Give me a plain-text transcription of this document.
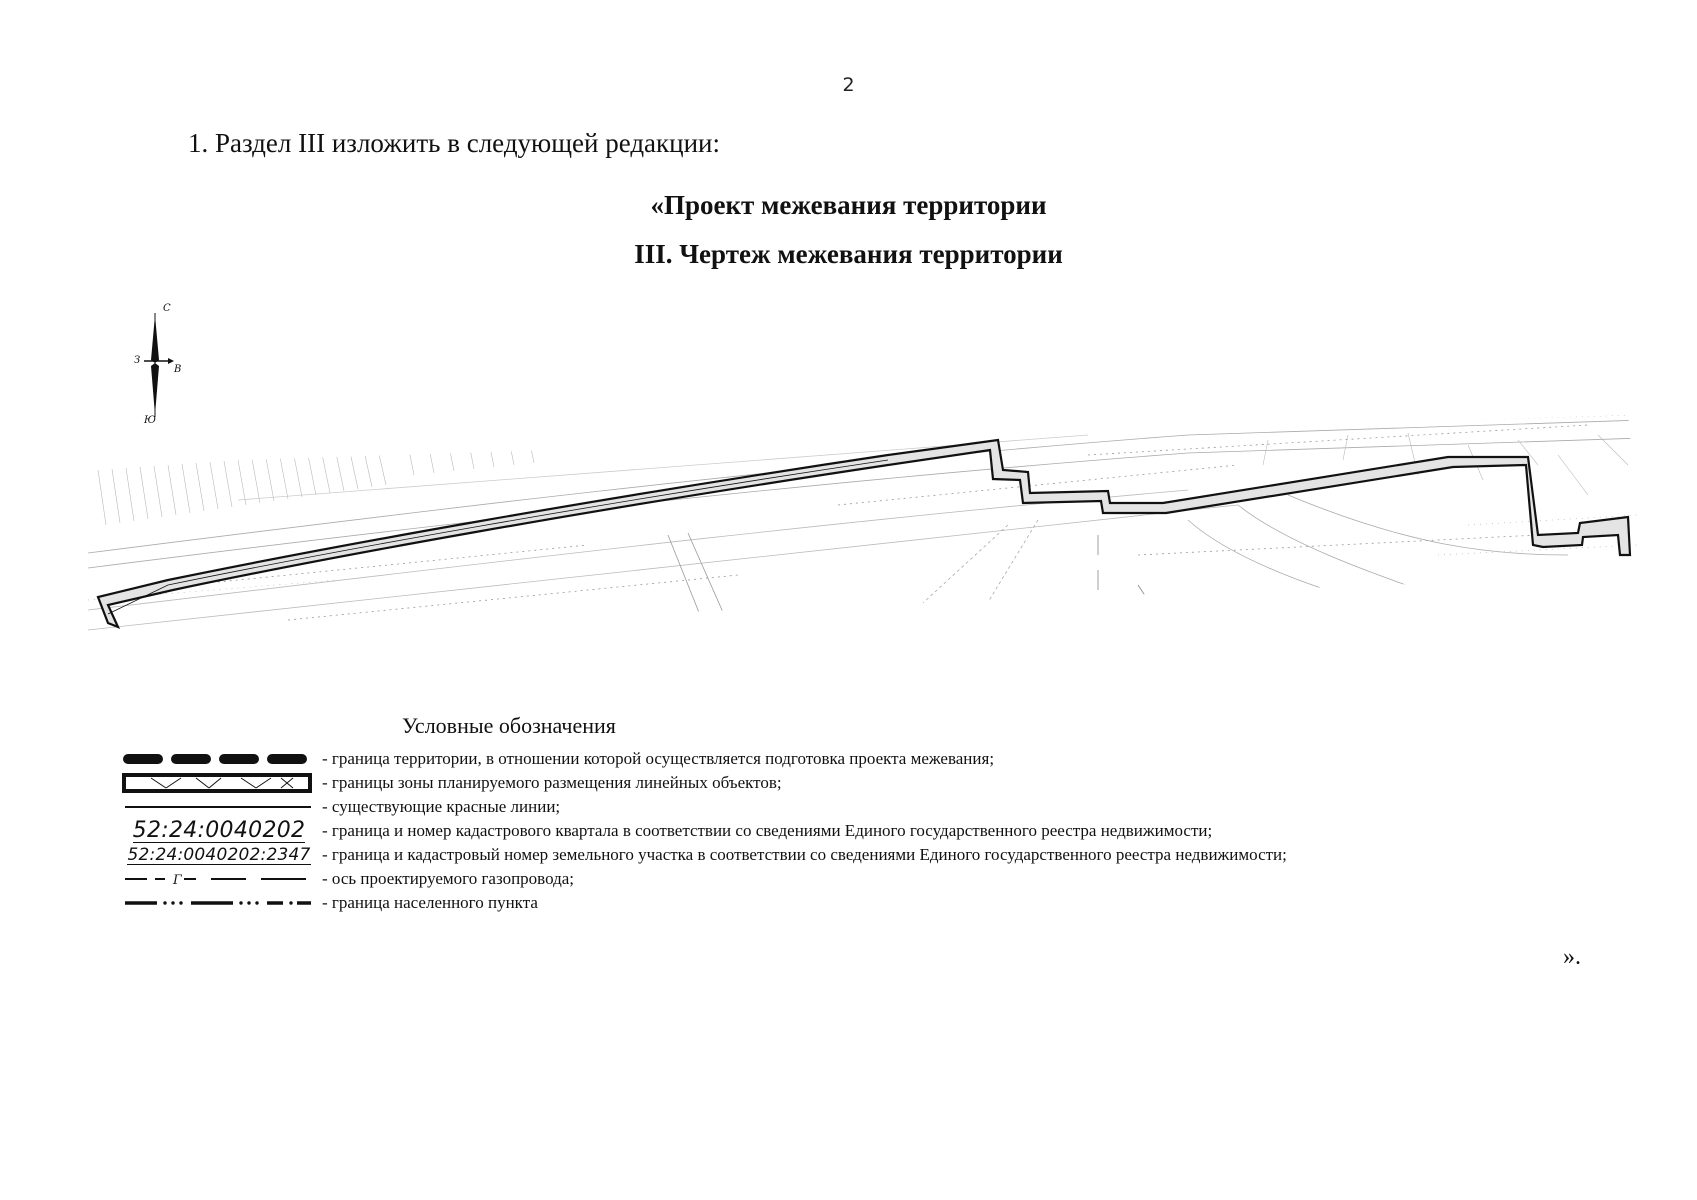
2
1. Раздел III изложить в следующей редакции:
«Проект межевания территории
III. Чертеж межевания территории
С
З
В
Ю
Условные обозначения
- граница территории, в отношении которой осуществляется подготовка проекта межевания;
- границы зоны планируемого размещения линейных объектов;
- существующие красные линии;
52:24:0040202 - граница и номер кадастрового квартала в соответствии со сведениями Единого государственного реестра недвижимости;
52:24:0040202:2347 - граница и кадастровый номер земельного участка в соответствии со сведениями Единого государственного реестра недвижимости;
Г	- ось проектируемого газопровода;
- граница населенного пункта
».
